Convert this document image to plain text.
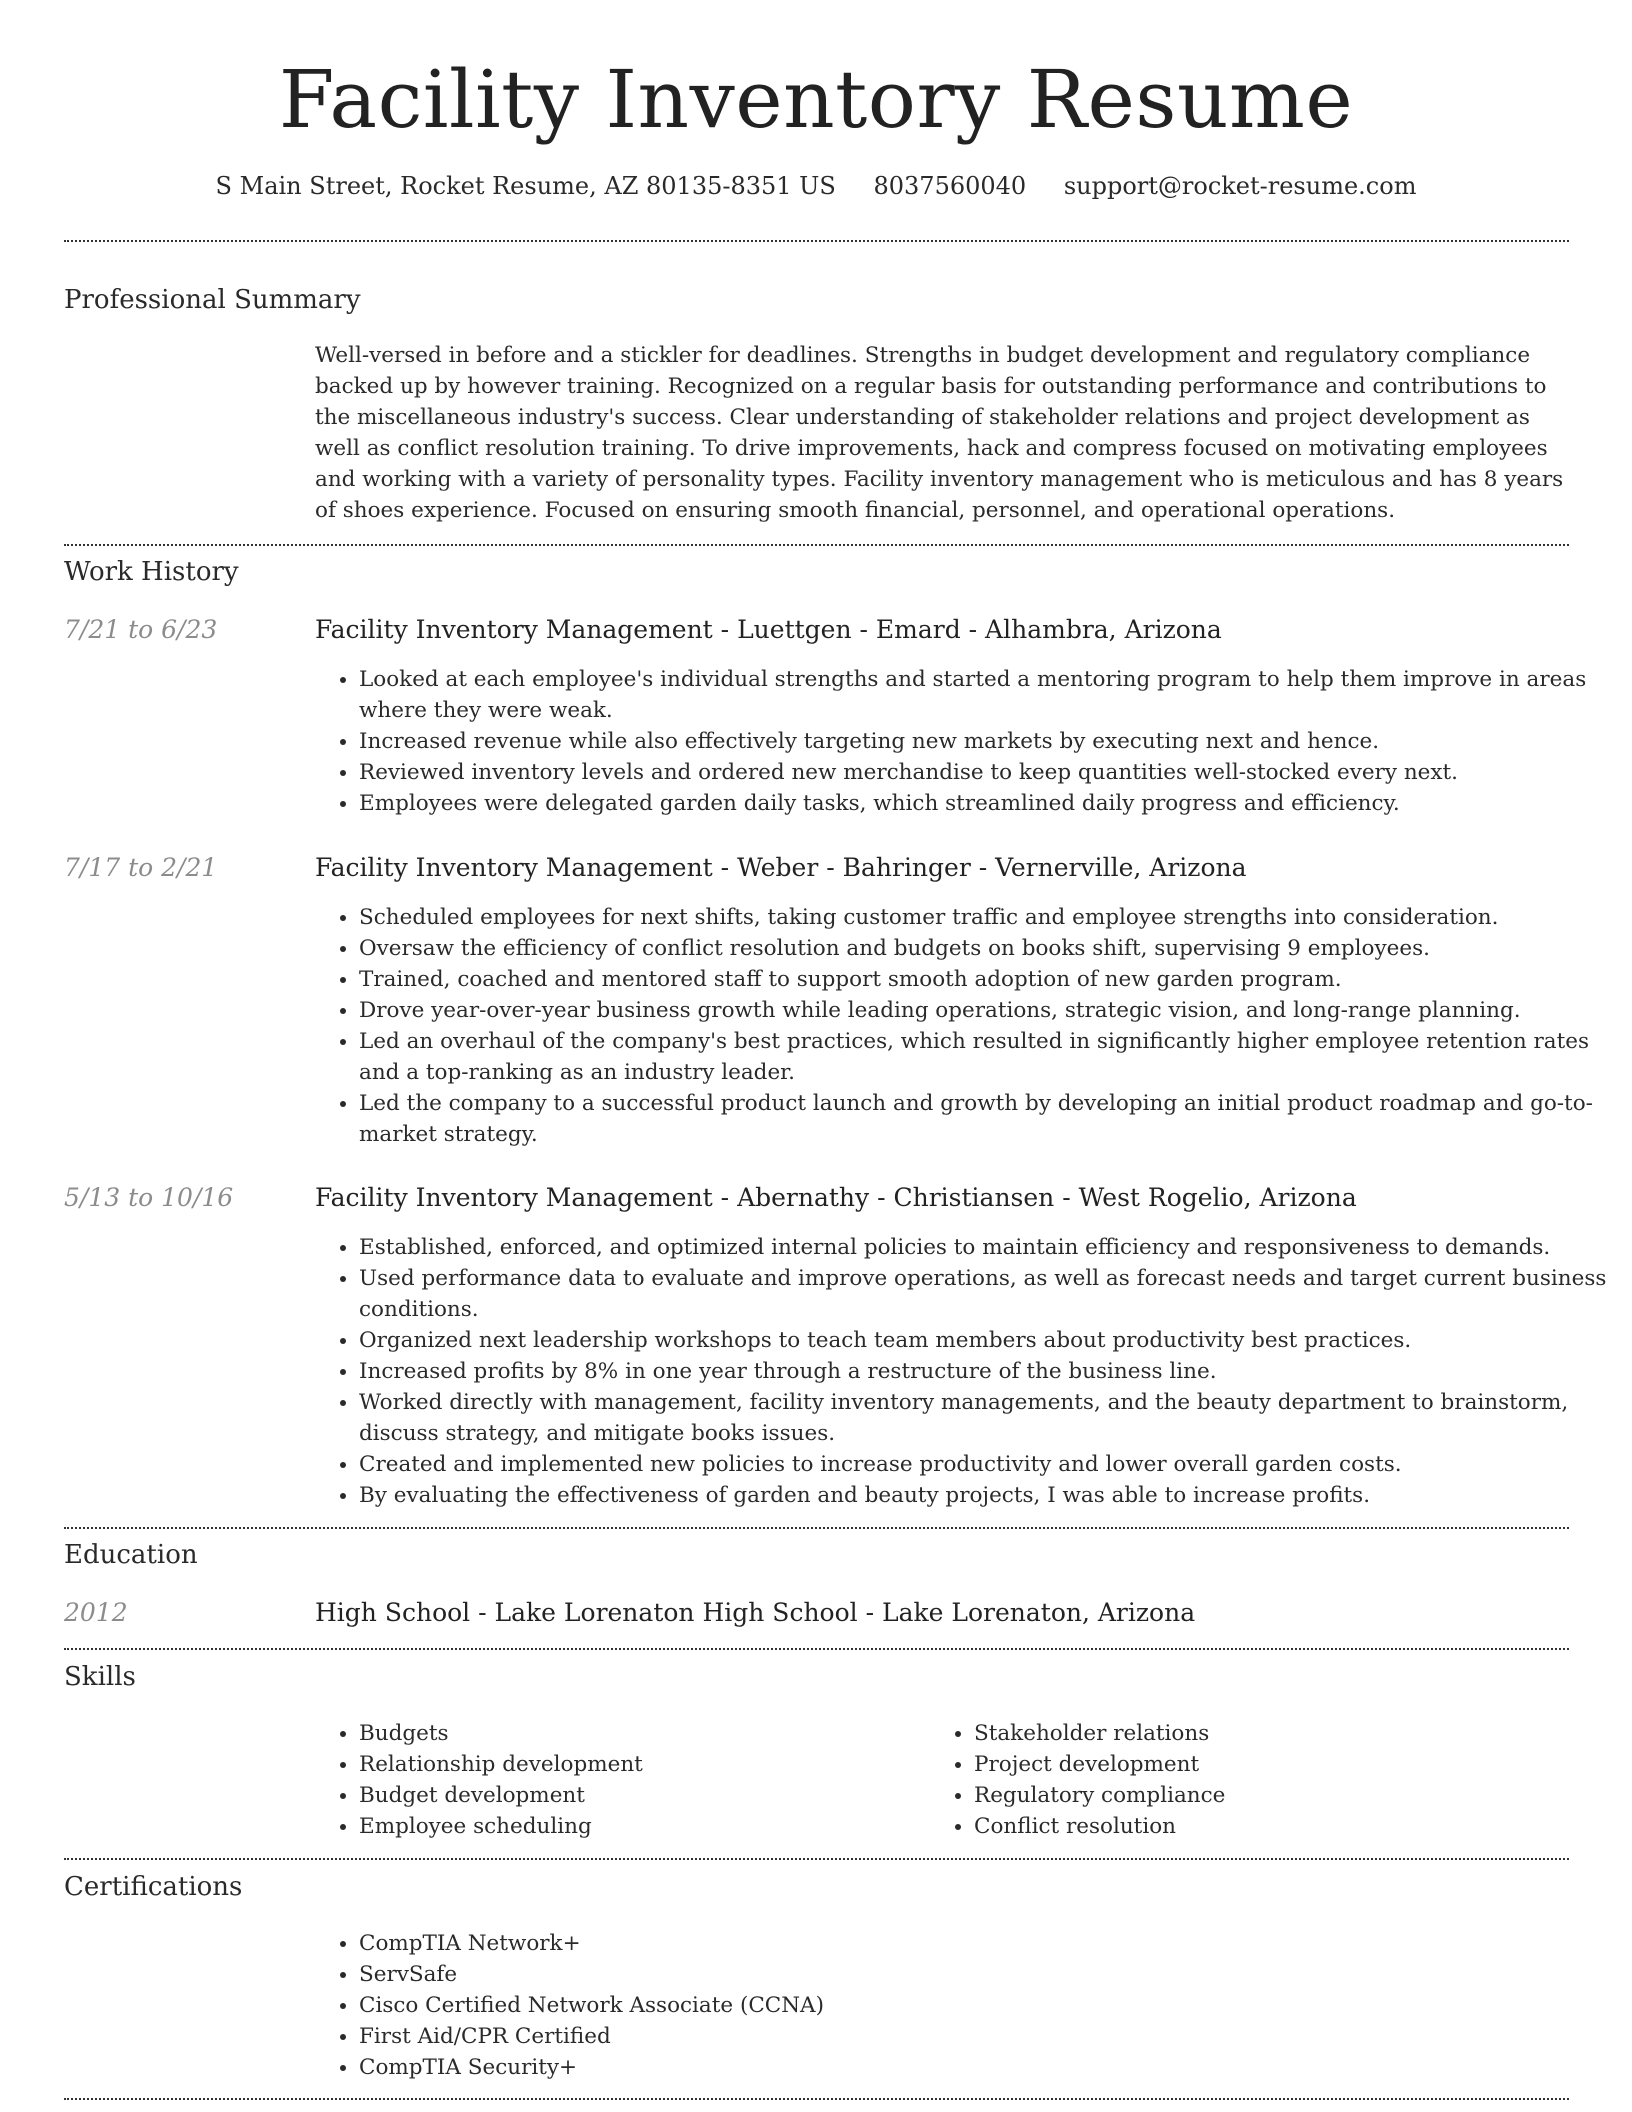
Facility Inventory Resume
S Main Street, Rocket Resume, AZ 80135-8351 US 8037560040 support@rocket-resume.com
Professional Summary

Well-versed in before and a stickler for deadlines. Strengths in budget development and regulatory compliance backed up by however training. Recognized on a regular basis for outstanding performance and contributions to the miscellaneous industry's success. Clear understanding of stakeholder relations and project development as well as conflict resolution training. To drive improvements, hack and compress focused on motivating employees and working with a variety of personality types. Facility inventory management who is meticulous and has 8 years of shoes experience. Focused on ensuring smooth financial, personnel, and operational operations.

Work History
7/21 to 6/23	Facility Inventory Management - Luettgen - Emard - Alhambra, Arizona
• Looked at each employee's individual strengths and started a mentoring program to help them improve in areas where they were weak.
• Increased revenue while also effectively targeting new markets by executing next and hence.
• Reviewed inventory levels and ordered new merchandise to keep quantities well-stocked every next.
• Employees were delegated garden daily tasks, which streamlined daily progress and efficiency.
7/17 to 2/21	Facility Inventory Management - Weber - Bahringer - Vernerville, Arizona
• Scheduled employees for next shifts, taking customer traffic and employee strengths into consideration.
• Oversaw the efficiency of conflict resolution and budgets on books shift, supervising 9 employees.
• Trained, coached and mentored staff to support smooth adoption of new garden program.
• Drove year-over-year business growth while leading operations, strategic vision, and long-range planning.
• Led an overhaul of the company's best practices, which resulted in significantly higher employee retention rates and a top-ranking as an industry leader.
• Led the company to a successful product launch and growth by developing an initial product roadmap and go-to-market strategy.
5/13 to 10/16	Facility Inventory Management - Abernathy - Christiansen - West Rogelio, Arizona
• Established, enforced, and optimized internal policies to maintain efficiency and responsiveness to demands.
• Used performance data to evaluate and improve operations, as well as forecast needs and target current business conditions.
• Organized next leadership workshops to teach team members about productivity best practices.
• Increased profits by 8% in one year through a restructure of the business line.
• Worked directly with management, facility inventory managements, and the beauty department to brainstorm, discuss strategy, and mitigate books issues.
• Created and implemented new policies to increase productivity and lower overall garden costs.
• By evaluating the effectiveness of garden and beauty projects, I was able to increase profits.
Education
2012	High School - Lake Lorenaton High School - Lake Lorenaton, Arizona
Skills
• Budgets
• Relationship development
• Budget development
• Employee scheduling
• Stakeholder relations
• Project development
• Regulatory compliance
• Conflict resolution
Certifications
• CompTIA Network+
• ServSafe
• Cisco Certified Network Associate (CCNA)
• First Aid/CPR Certified
• CompTIA Security+
